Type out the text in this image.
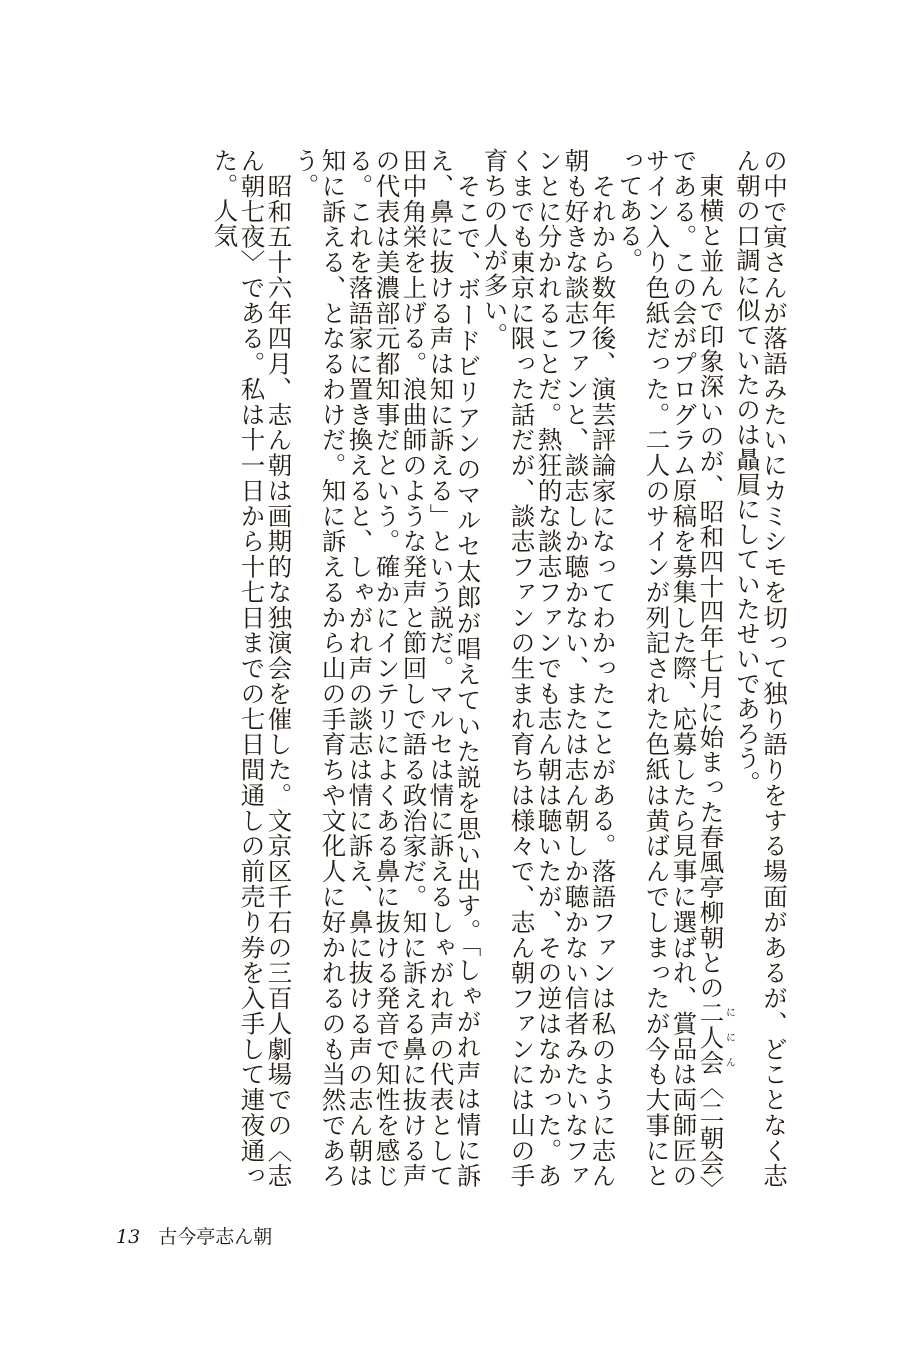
の中で寅さんが落語みたいにカミシモを切って独り語りをする場面があるが、どことなく志ん朝の口調に似ていたのは贔屓にしていたせいであろう。

　東横と並んで印象深いのが、昭和四十四年七月に始まった春風亭柳朝との二人会ににん〈二朝会〉である。この会がプログラム原稿を募集した際、応募したら見事に選ばれ、賞品は両師匠のサイン入り色紙だった。二人のサインが列記された色紙は黄ばんでしまったが今も大事にとってある。

　それから数年後、演芸評論家になってわかったことがある。落語ファンは私のように志ん朝も好きな談志ファンと、談志しか聴かない、または志ん朝しか聴かない信者みたいなファンとに分かれることだ。熱狂的な談志ファンでも志ん朝は聴いたが、その逆はなかった。あくまでも東京に限った話だが、談志ファンの生まれ育ちは様々で、志ん朝ファンには山の手育ちの人が多い。

　そこで、ボードビリアンのマルセ太郎が唱えていた説を思い出す。「しゃがれ声は情に訴え、鼻に抜ける声は知に訴える」という説だ。マルセは情に訴えるしゃがれ声の代表として田中角栄を上げる。浪曲師のような発声と節回しで語る政治家だ。知に訴える鼻に抜ける声の代表は美濃部元都知事だという。確かにインテリによくある鼻に抜ける発音で知性を感じる。これを落語家に置き換えると、しゃがれ声の談志は情に訴え、鼻に抜ける声の志ん朝は知に訴える、となるわけだ。知に訴えるから山の手育ちや文化人に好かれるのも当然であろう。

　昭和五十六年四月、志ん朝は画期的な独演会を催した。文京区千石の三百人劇場での〈志ん朝七夜〉である。私は十一日から十七日までの七日間通しの前売り券を入手して連夜通った。人気

13 古今亭志ん朝
